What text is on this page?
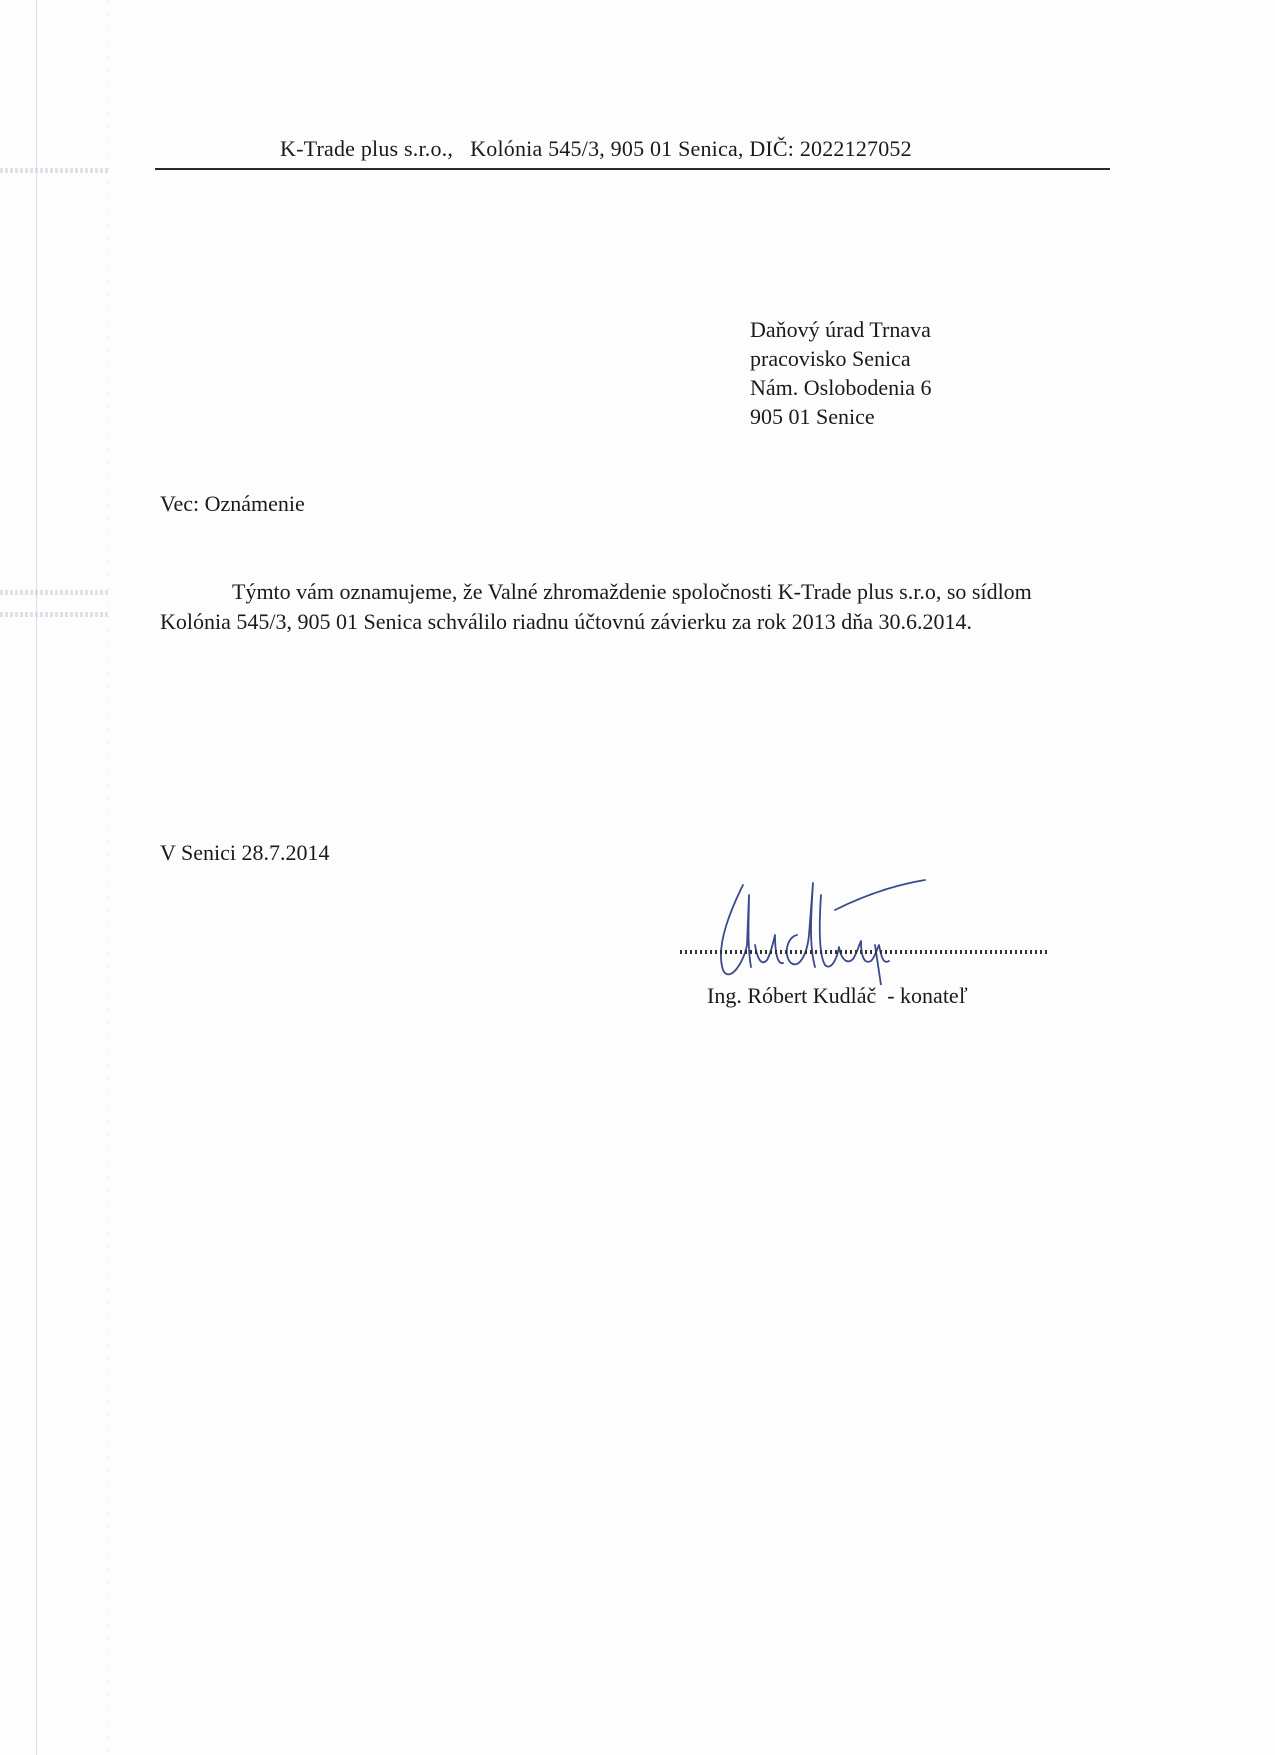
K-Trade plus s.r.o.,   Kolónia 545/3, 905 01 Senica, DIČ: 2022127052
Daňový úrad Trnava
pracovisko Senica
Nám. Oslobodenia 6
905 01 Senice
Vec: Oznámenie
Týmto vám oznamujeme, že Valné zhromaždenie spoločnosti K-Trade plus s.r.o, so sídlom Kolónia 545/3, 905 01 Senica schválilo riadnu účtovnú závierku za rok 2013 dňa 30.6.2014.
V Senici 28.7.2014
Ing. Róbert Kudláč  - konateľ
